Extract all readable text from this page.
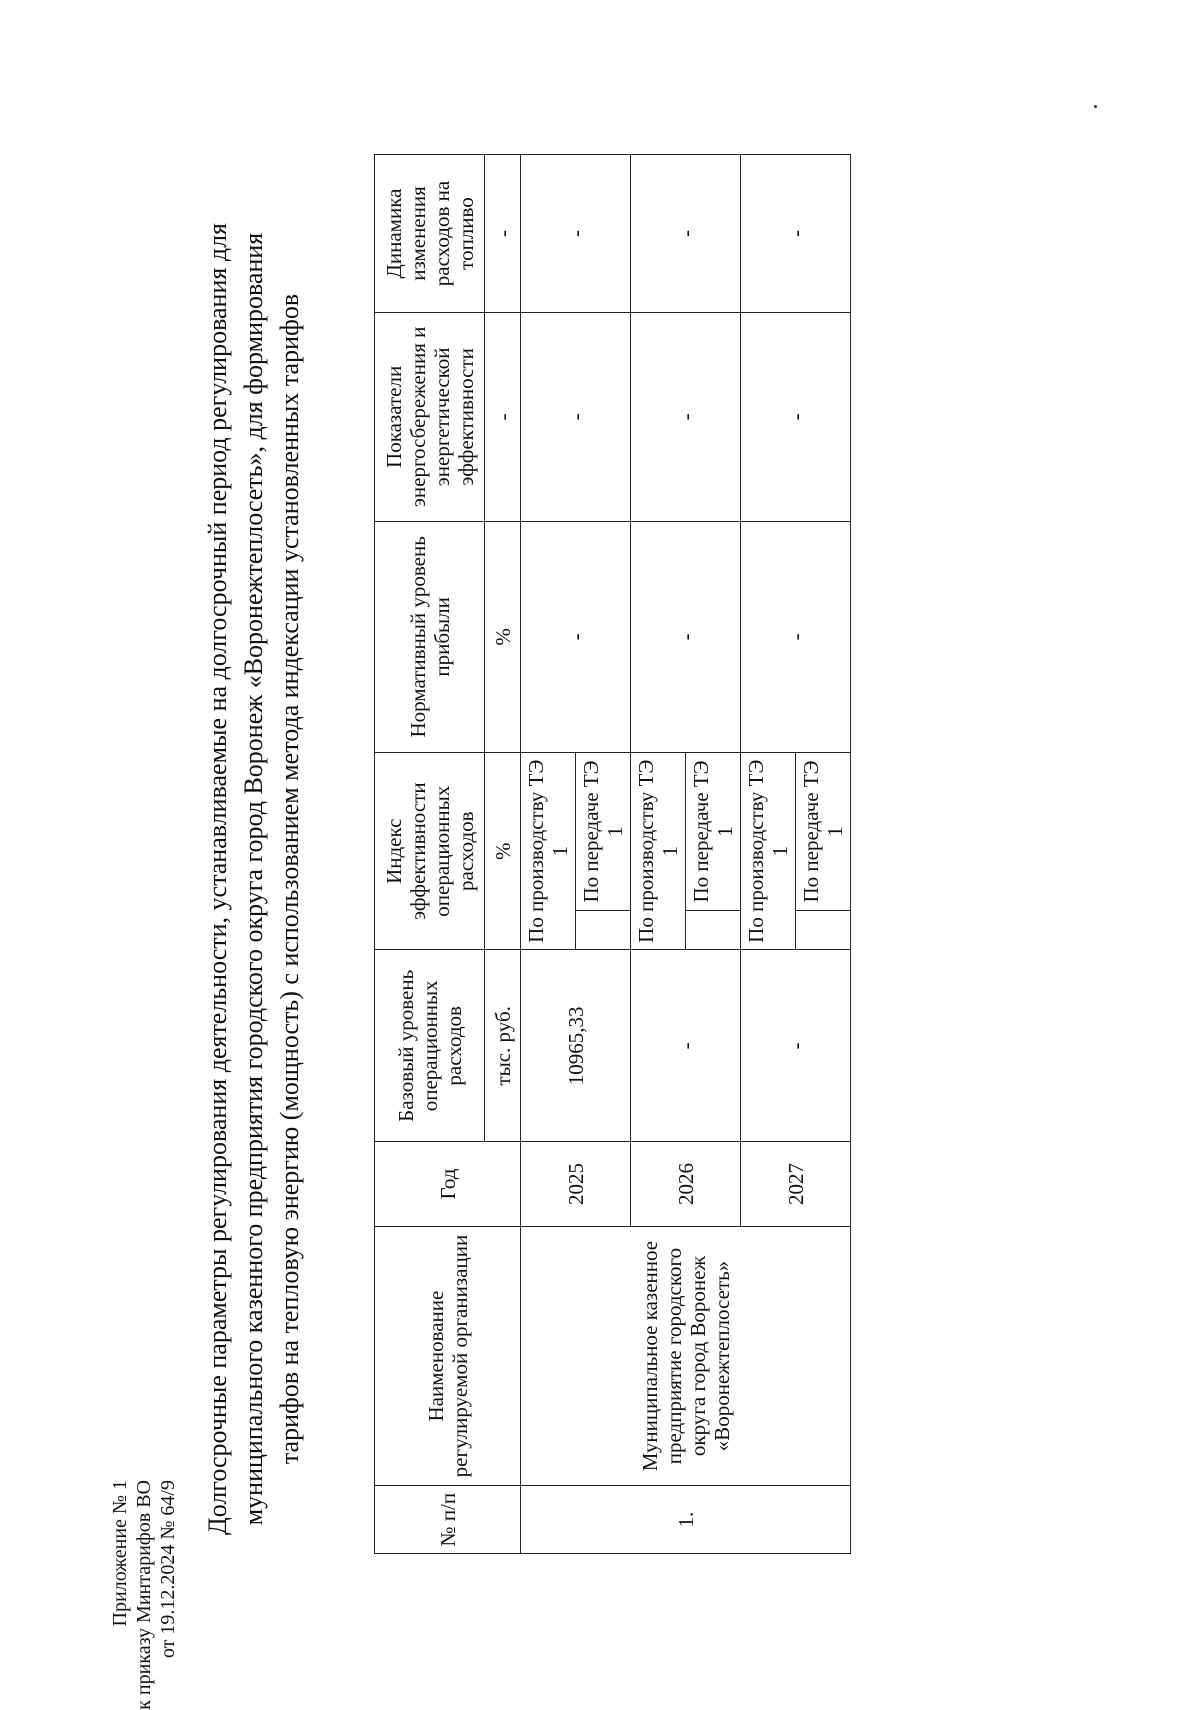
Приложение № 1 к приказу Минтарифов ВО от 19.12.2024 № 64/9
Долгосрочные параметры регулирования деятельности, устанавливаемые на долгосрочный период регулирования для муниципального казенного предприятия городского округа город Воронеж «Воронежтеплосеть», для формирования тарифов на тепловую энергию (мощность) с использованием метода индексации установленных тарифов
№ п/п	Наименование регулируемой организации	Год	Базовый уровень операционных расходов	Индекс эффективности операционных расходов		Нормативный уровень прибыли	Показатели энергосбережения и энергетической эффективности	Динамика изменения расходов на топливо
			тыс. руб.	%		%	-	-
1.	Муниципальное казенное предприятие городского округа город Воронеж «Воронежтеплосеть»	2025	10965,33	По производству ТЭ 1		-	-	-
					По передаче ТЭ 1			
		2026	-	По производству ТЭ 1		-	-	-
					По передаче ТЭ 1			
		2027	-	По производству ТЭ 1		-	-	-
					По передаче ТЭ 1			
